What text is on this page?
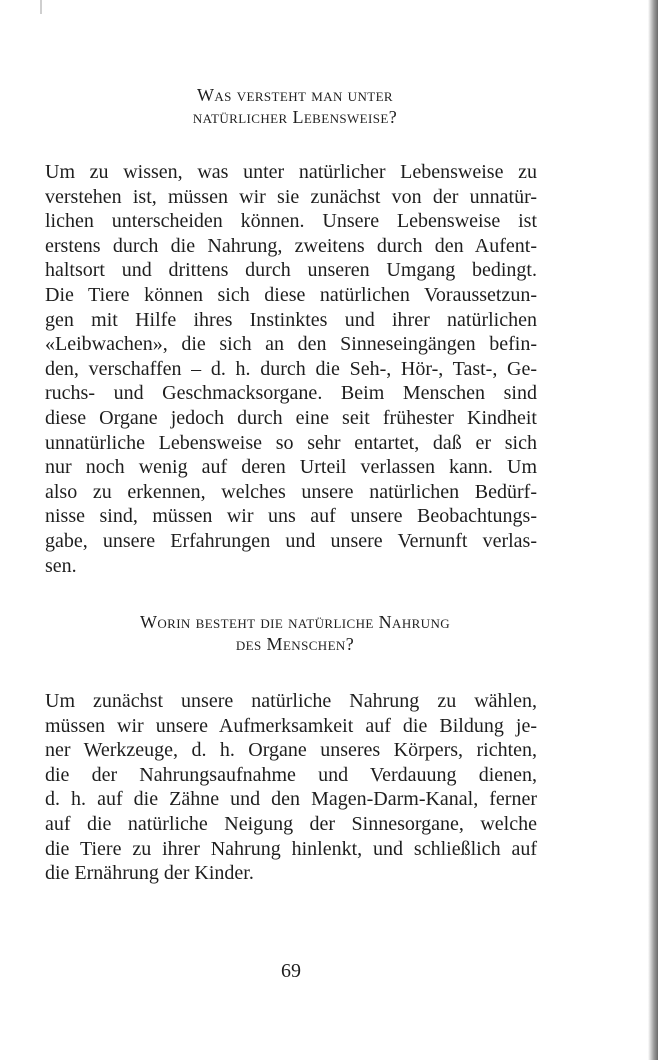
Was versteht man unter
natürlicher Lebensweise?
Um zu wissen, was unter natürlicher Lebensweise zu
verstehen ist, müssen wir sie zunächst von der unnatür-
lichen unterscheiden können. Unsere Lebensweise ist
erstens durch die Nahrung, zweitens durch den Aufent-
haltsort und drittens durch unseren Umgang bedingt.
Die Tiere können sich diese natürlichen Voraussetzun-
gen mit Hilfe ihres Instinktes und ihrer natürlichen
«Leibwachen», die sich an den Sinneseingängen befin-
den, verschaffen – d. h. durch die Seh-, Hör-, Tast-, Ge-
ruchs- und Geschmacksorgane. Beim Menschen sind
diese Organe jedoch durch eine seit frühester Kindheit
unnatürliche Lebensweise so sehr entartet, daß er sich
nur noch wenig auf deren Urteil verlassen kann. Um
also zu erkennen, welches unsere natürlichen Bedürf-
nisse sind, müssen wir uns auf unsere Beobachtungs-
gabe, unsere Erfahrungen und unsere Vernunft verlas-
sen.
Worin besteht die natürliche Nahrung
des Menschen?
Um zunächst unsere natürliche Nahrung zu wählen,
müssen wir unsere Aufmerksamkeit auf die Bildung je-
ner Werkzeuge, d. h. Organe unseres Körpers, richten,
die der Nahrungsaufnahme und Verdauung dienen,
d. h. auf die Zähne und den Magen-Darm-Kanal, ferner
auf die natürliche Neigung der Sinnesorgane, welche
die Tiere zu ihrer Nahrung hinlenkt, und schließlich auf
die Ernährung der Kinder.
69
